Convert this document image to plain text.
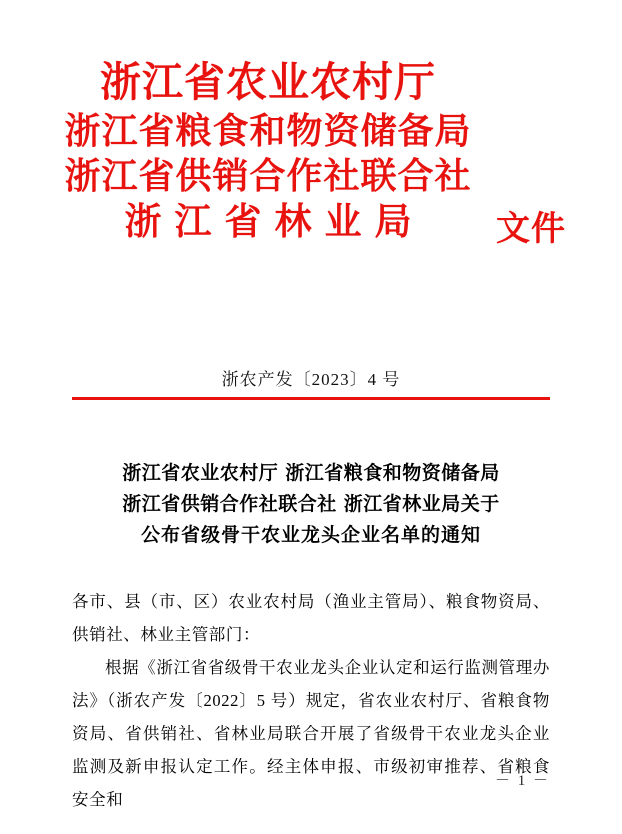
浙江省农业农村厅
浙江省粮食和物资储备局
浙江省供销合作社联合社
浙江省林业局	文件
浙农产发〔2023〕4 号
浙江省农业农村厅 浙江省粮食和物资储备局
浙江省供销合作社联合社 浙江省林业局关于
公布省级骨干农业龙头企业名单的通知

各市、县（市、区）农业农村局（渔业主管局）、粮食物资局、供销社、林业主管部门：

根据《浙江省省级骨干农业龙头企业认定和运行监测管理办法》（浙农产发〔2022〕5 号）规定，省农业农村厅、省粮食物资局、省供销社、省林业局联合开展了省级骨干农业龙头企业监测及新申报认定工作。经主体申报、市级初审推荐、省粮食安全和

－ 1 －
